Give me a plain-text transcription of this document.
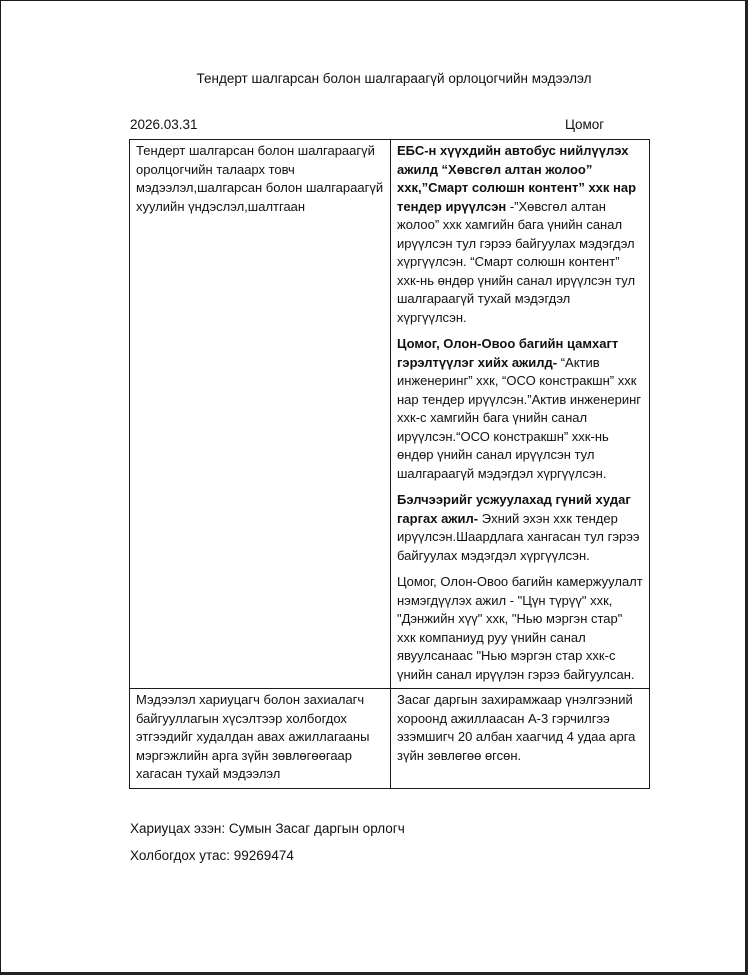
Тендерт шалгарсан болон шалгараагүй орлоцогчийн мэдээлэл
2026.03.31	Цомог
Тендерт шалгарсан болон шалгараагүй оролцогчийн талаарх товч мэдээлэл,шалгарсан болон шалгараагүй хуулийн үндэслэл,шалтгаан	ЕБС-н хүүхдийн автобус нийлүүлэх ажилд “Хөвсгөл алтан жолоо” ххк,”Смарт солюшн контент” ххк нар тендер ирүүлсэн -”Хөвсгөл алтан жолоо” ххк хамгийн бага үнийн санал ирүүлсэн тул гэрээ байгуулах мэдэгдэл хүргүүлсэн. “Смарт солюшн контент” ххк-нь өндөр үнийн санал ирүүлсэн тул шалгараагүй тухай мэдэгдэл хүргүүлсэн.
Цомог, Олон-Овоо багийн цамхагт гэрэлтүүлэг хийх ажилд- “Актив инженеринг” ххк, “ОСО констракшн” ххк нар тендер ирүүлсэн.”Актив инженеринг ххк-с хамгийн бага үнийн санал ирүүлсэн.“ОСО констракшн” ххк-нь өндөр үнийн санал ирүүлсэн тул шалгараагүй мэдэгдэл хүргүүлсэн.
Бэлчээрийг усжуулахад гүний худаг гаргах ажил- Эхний эхэн ххк тендер ирүүлсэн.Шаардлага хангасан тул гэрээ байгуулах мэдэгдэл хүргүүлсэн.
Цомог, Олон-Овоо багийн камержуулалт нэмэгдүүлэх ажил - "Цүн түрүү" ххк, "Дэнжийн хүү" ххк, "Нью мэргэн стар" ххк компаниуд руу үнийн санал явуулсанаас "Нью мэргэн стар ххк-с үнийн санал ирүүлэн гэрээ байгуулсан.

Мэдээлэл хариуцагч болон захиалагч байгууллагын хүсэлтээр холбогдох этгээдийг худалдан авах ажиллагааны мэргэжлийн арга зүйн зөвлөгөөгаар хагасан тухай мэдээлэл	Засаг даргын захирамжаар үнэлгээний хороонд ажиллаасан А-3 гэрчилгээ эзэмшигч 20 албан хаагчид 4 удаа арга зүйн зөвлөгөө өгсөн.
Хариуцах эзэн: Сумын Засаг даргын орлогч
Холбогдох утас: 99269474
